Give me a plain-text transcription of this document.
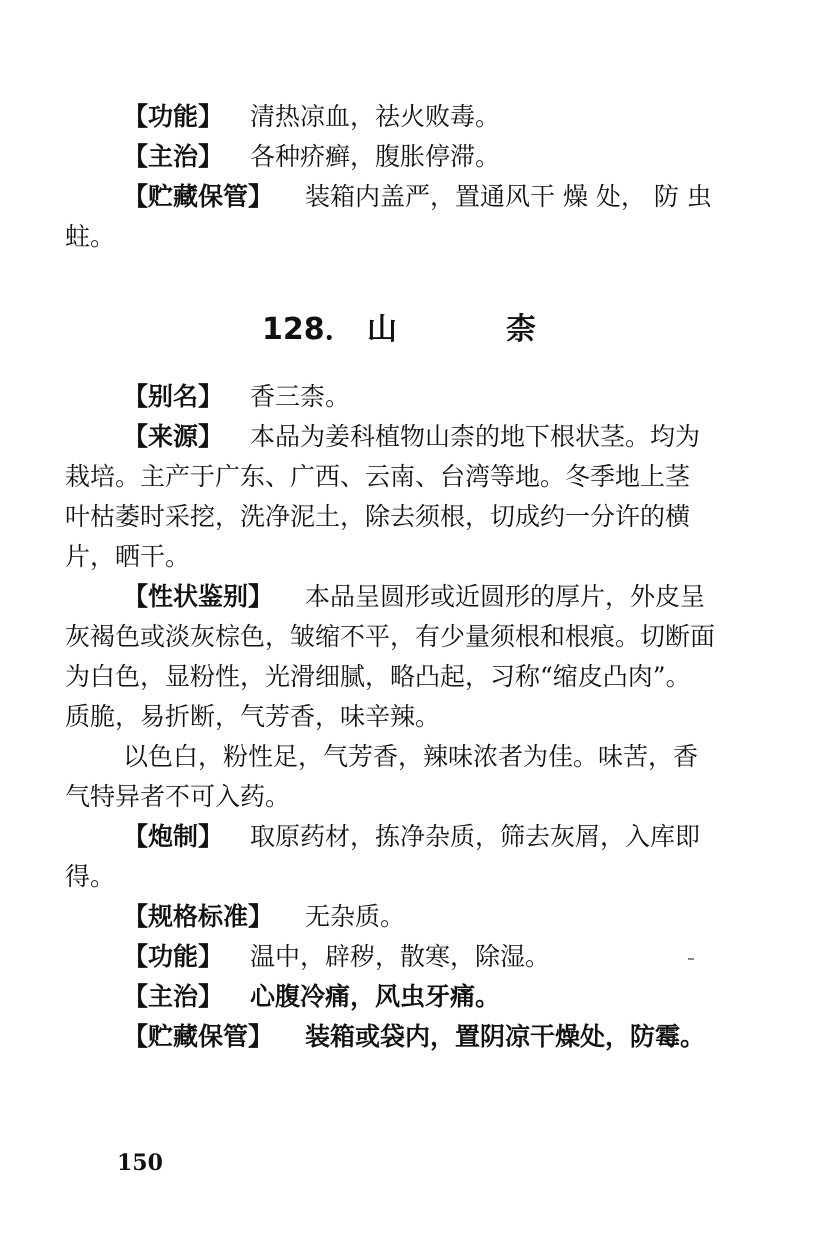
【功能】 清热凉血，祛火败毒。
【主治】 各种疥癣，腹胀停滞。
【贮藏保管】 装箱内盖严，置通风干 燥 处， 防 虫
蛀。
128． 山	柰
【别名】 香三柰。
【来源】 本品为姜科植物山柰的地下根状茎。均为
栽培。主产于广东、广西、云南、台湾等地。冬季地上茎
叶枯萎时采挖，洗净泥土，除去须根，切成约一分许的横
片，晒干。
【性状鉴别】 本品呈圆形或近圆形的厚片，外皮呈
灰褐色或淡灰棕色，皱缩不平，有少量须根和根痕。切断面
为白色，显粉性，光滑细腻，略凸起，习称“缩皮凸肉”。
质脆，易折断，气芳香，味辛辣。
以色白，粉性足，气芳香，辣味浓者为佳。味苦，香
气特异者不可入药。
【炮制】 取原药材，拣净杂质，筛去灰屑，入库即
得。
【规格标准】 无杂质。
【功能】 温中，辟秽，散寒，除湿。
【主治】 心腹冷痛，风虫牙痛。
【贮藏保管】 装箱或袋内，置阴凉干燥处，防霉。
150
